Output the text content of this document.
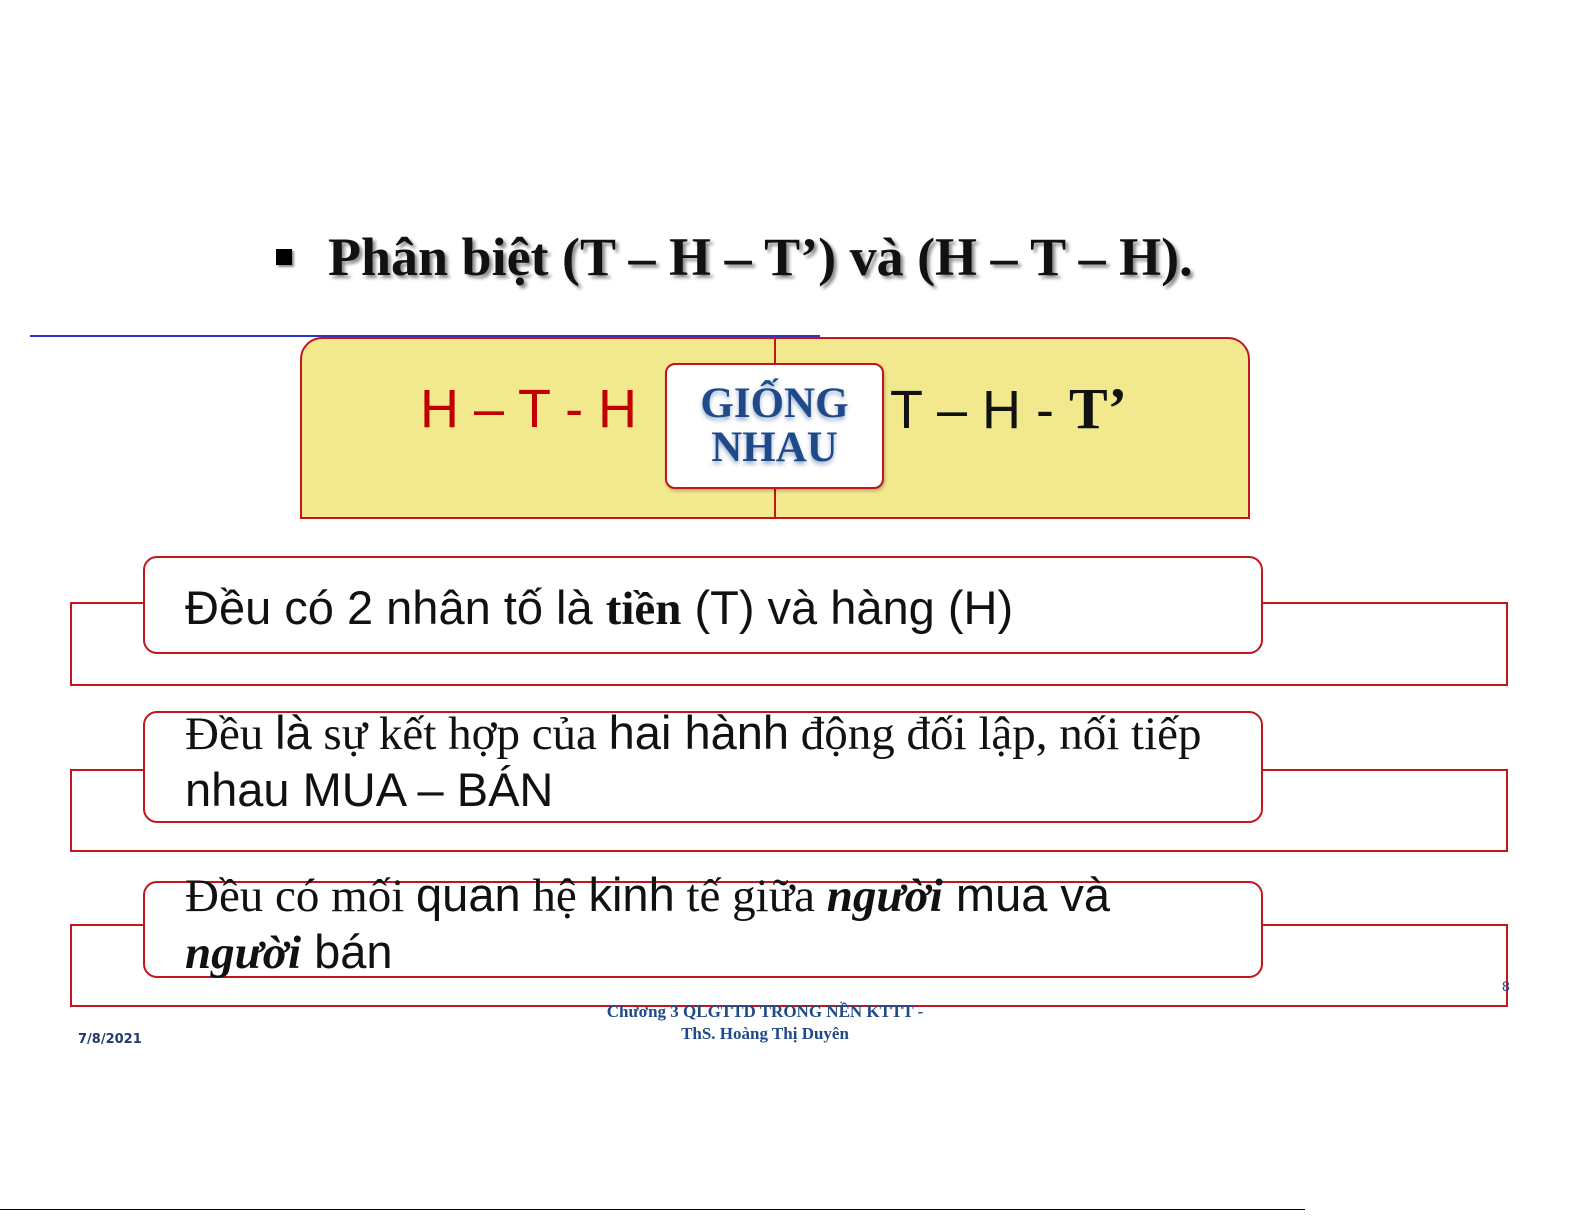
Phân biệt (T – H – T’) và (H – T – H).
H – T - H	T – H - T’
GIỐNG
NHAU
Đều có 2 nhân tố là tiền (T) và hàng (H)
Đều là sự kết hợp của hai hành động đối lập, nối tiếp nhau MUA – BÁN
Đều có mối quan hệ kinh tế giữa người mua và người bán
8
Chương 3 QLGTTD TRONG NỀN KTTT -
ThS. Hoàng Thị Duyên
7/8/2021
